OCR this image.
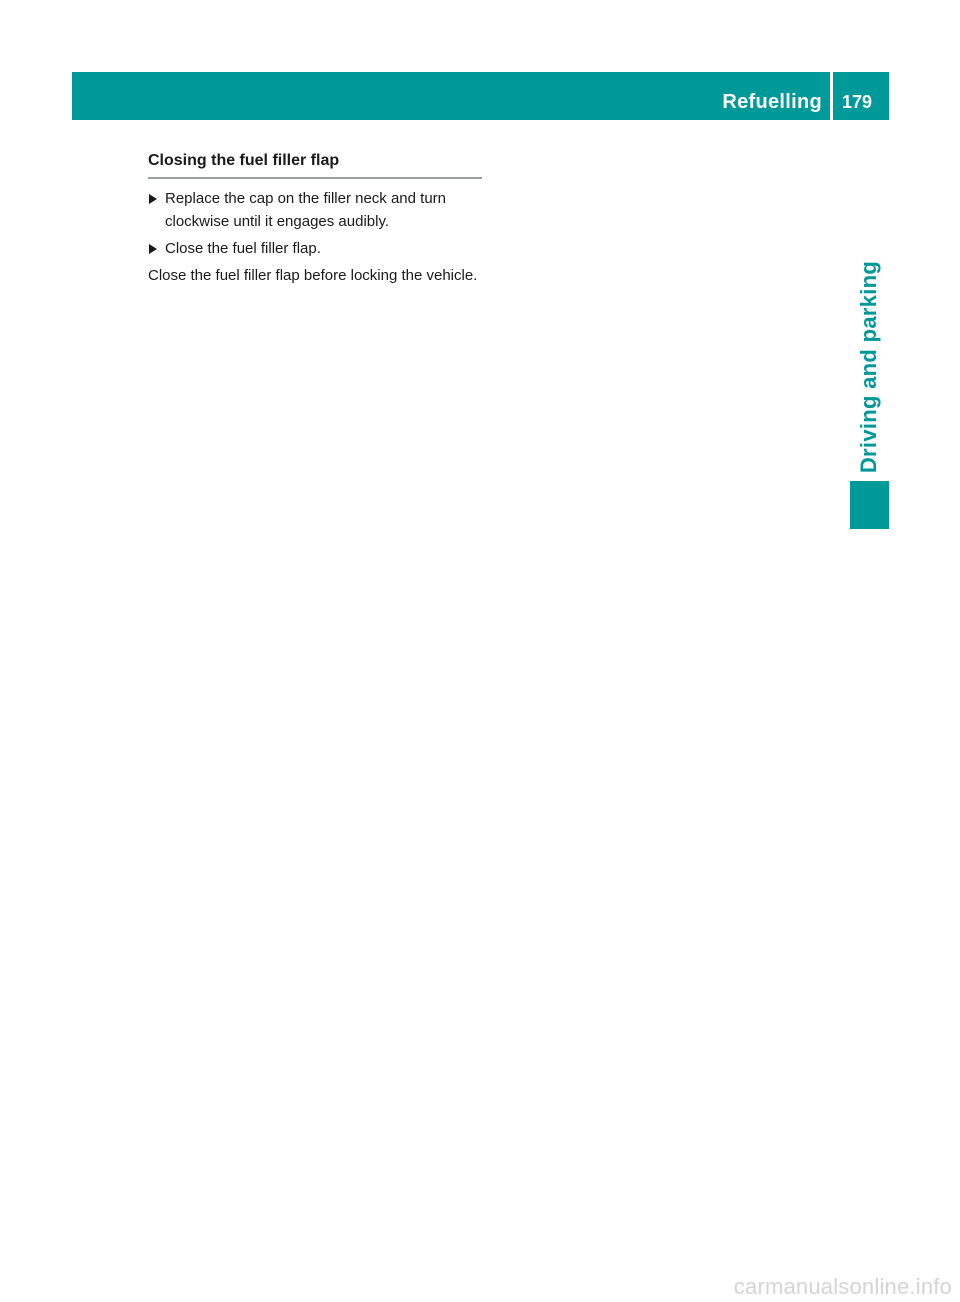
Refuelling 179
Driving and parking
Closing the fuel filler flap
Replace the cap on the filler neck and turn clockwise until it engages audibly.
Close the fuel filler flap.

Close the fuel filler flap before locking the vehicle.

carmanualsonline.info
